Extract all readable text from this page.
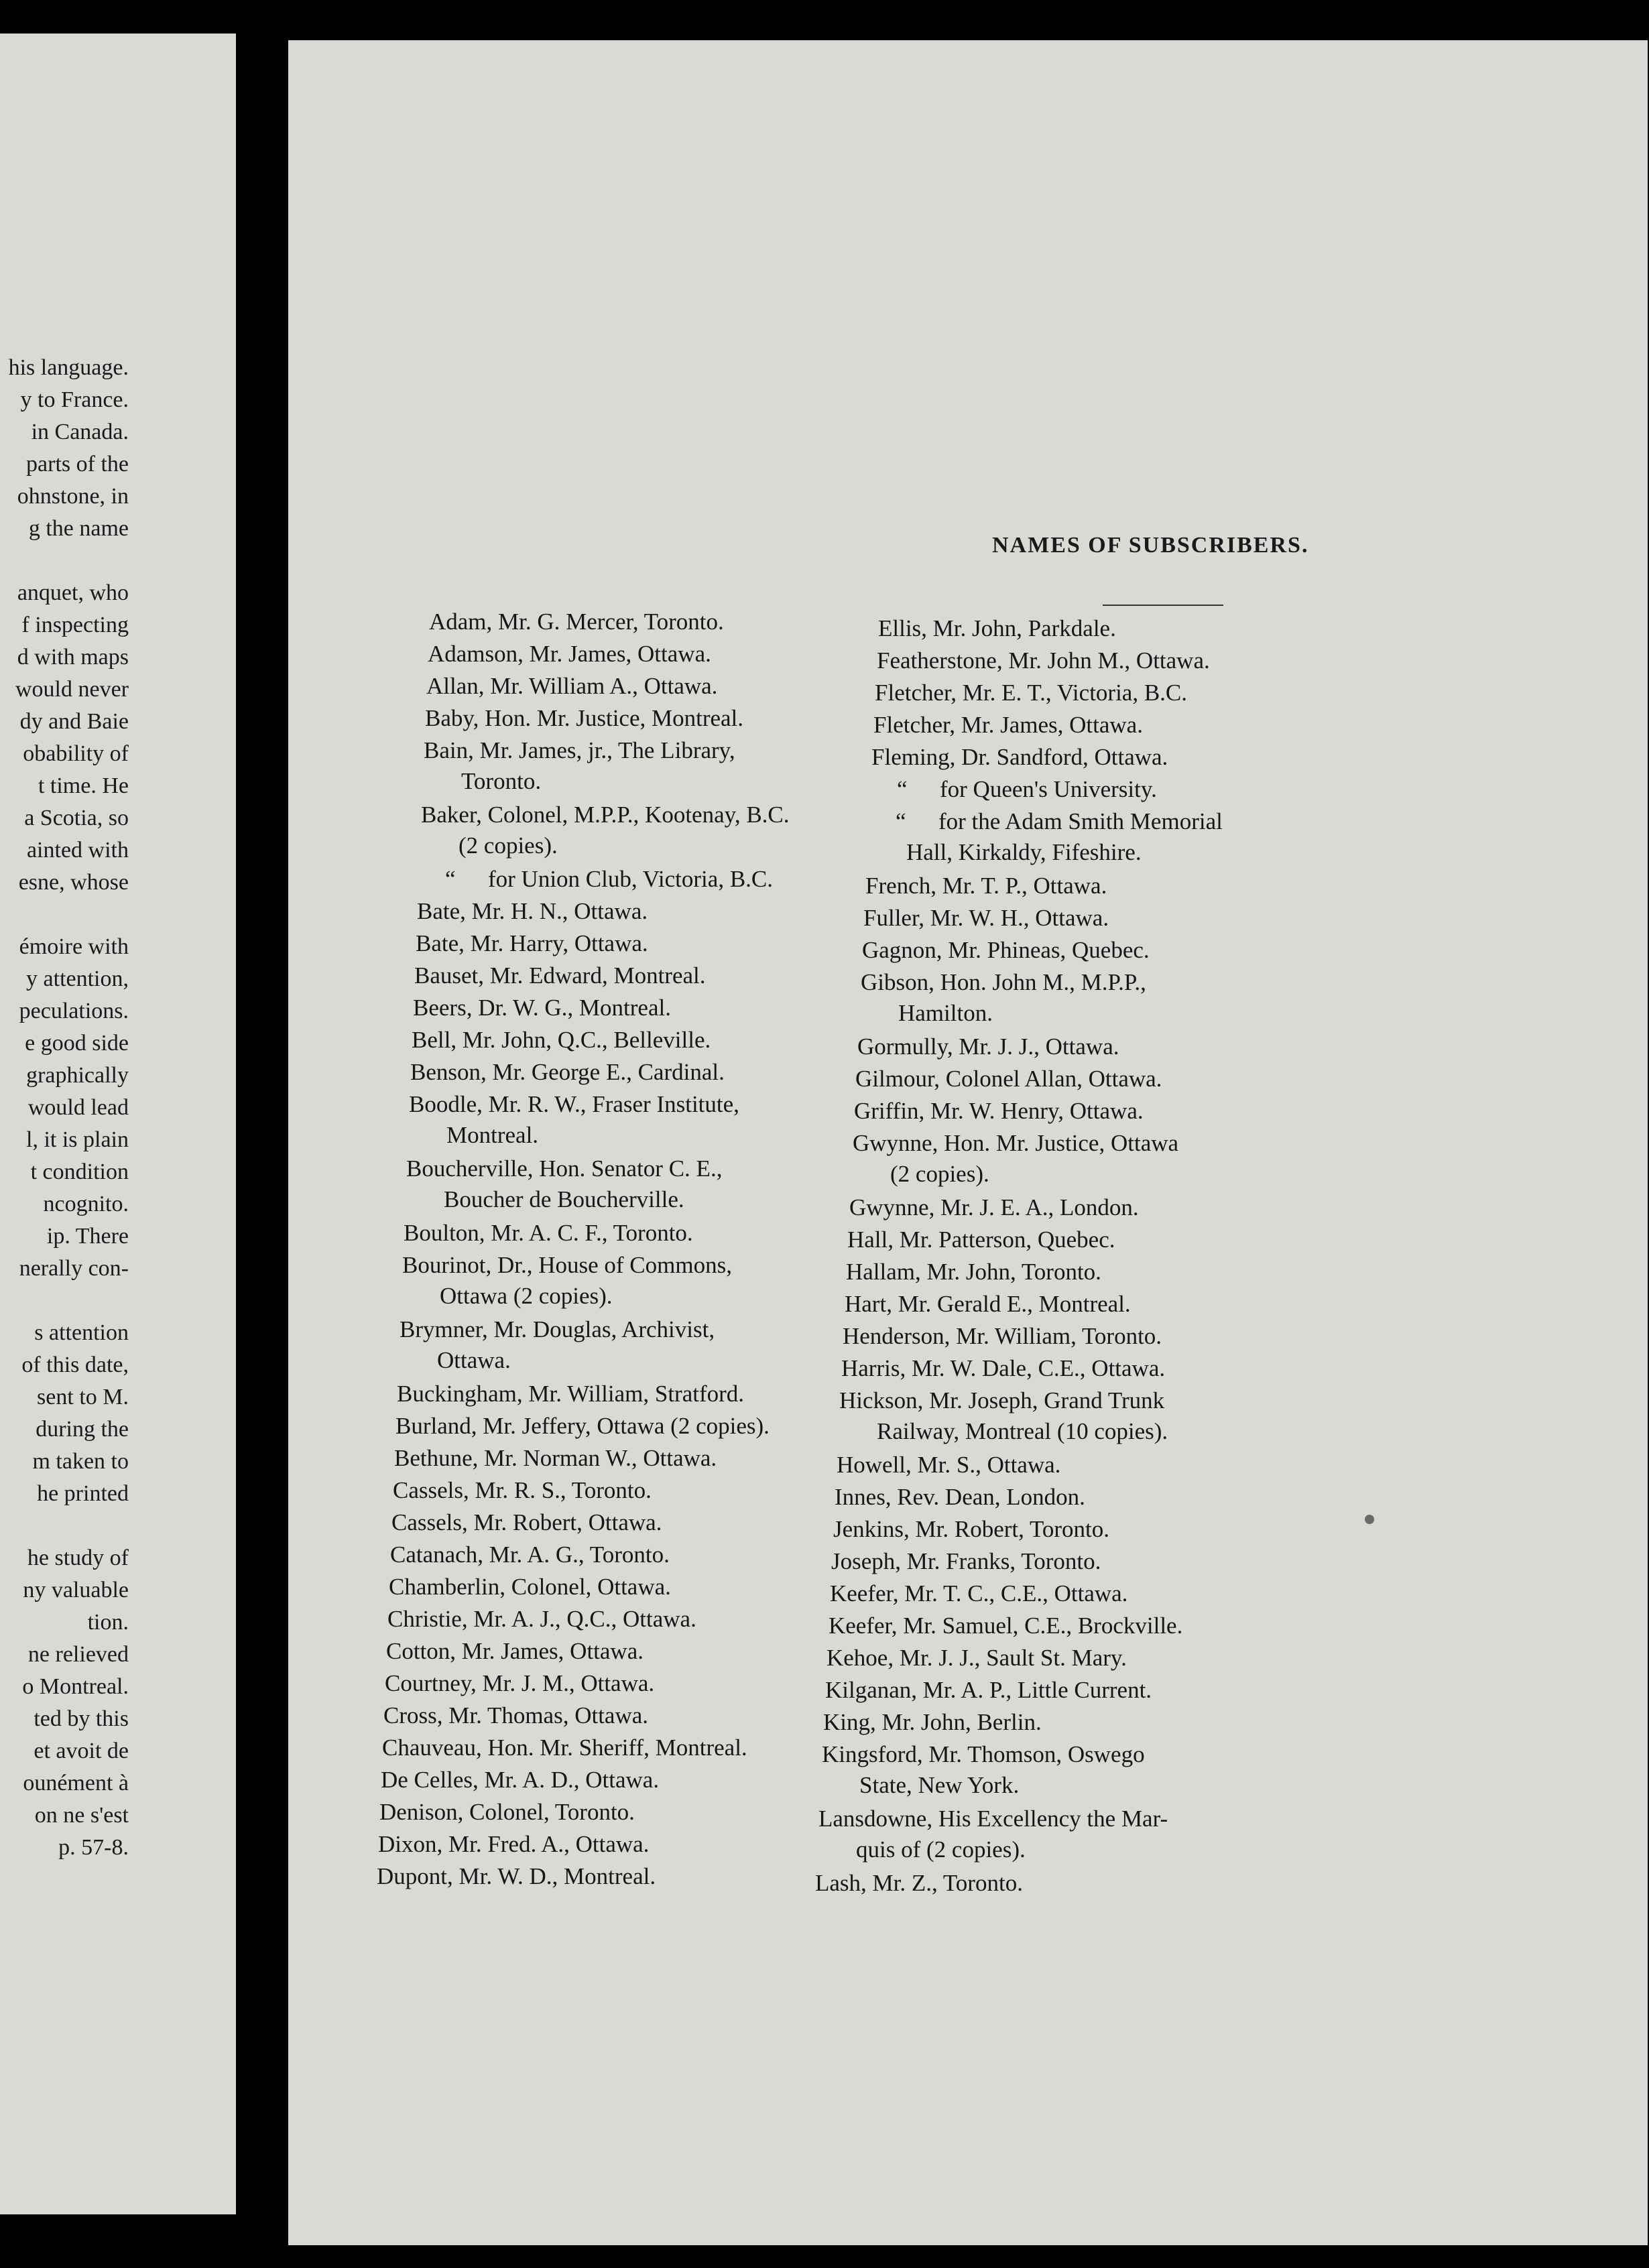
his language.

y to France.

in Canada.

parts of the

ohnstone, in

g the name

anquet, who

f inspecting

d with maps

would never

dy and Baie

obability of

t time. He

a Scotia, so

ainted with

esne, whose

émoire with

y attention,

peculations.

e good side

graphically

would lead

l, it is plain

t condition

ncognito.

ip. There

nerally con-

s attention

of this date,

sent to M.

during the

m taken to

he printed

he study of

ny valuable

tion.

ne relieved

o Montreal.

ted by this

et avoit de

ounément à

on ne s'est

p. 57-8.

NAMES OF SUBSCRIBERS.

Adam, Mr. G. Mercer, Toronto.

Adamson, Mr. James, Ottawa.

Allan, Mr. William A., Ottawa.

Baby, Hon. Mr. Justice, Montreal.

Bain, Mr. James, jr., The Library,
Toronto.

Baker, Colonel, M.P.P., Kootenay, B.C.
(2 copies).

“ for Union Club, Victoria, B.C.

Bate, Mr. H. N., Ottawa.

Bate, Mr. Harry, Ottawa.

Bauset, Mr. Edward, Montreal.

Beers, Dr. W. G., Montreal.

Bell, Mr. John, Q.C., Belleville.

Benson, Mr. George E., Cardinal.

Boodle, Mr. R. W., Fraser Institute,
Montreal.

Boucherville, Hon. Senator C. E.,
Boucher de Boucherville.

Boulton, Mr. A. C. F., Toronto.

Bourinot, Dr., House of Commons,
Ottawa (2 copies).

Brymner, Mr. Douglas, Archivist,
Ottawa.

Buckingham, Mr. William, Stratford.

Burland, Mr. Jeffery, Ottawa (2 copies).

Bethune, Mr. Norman W., Ottawa.

Cassels, Mr. R. S., Toronto.

Cassels, Mr. Robert, Ottawa.

Catanach, Mr. A. G., Toronto.

Chamberlin, Colonel, Ottawa.

Christie, Mr. A. J., Q.C., Ottawa.

Cotton, Mr. James, Ottawa.

Courtney, Mr. J. M., Ottawa.

Cross, Mr. Thomas, Ottawa.

Chauveau, Hon. Mr. Sheriff, Montreal.

De Celles, Mr. A. D., Ottawa.

Denison, Colonel, Toronto.

Dixon, Mr. Fred. A., Ottawa.

Dupont, Mr. W. D., Montreal.

Ellis, Mr. John, Parkdale.

Featherstone, Mr. John M., Ottawa.

Fletcher, Mr. E. T., Victoria, B.C.

Fletcher, Mr. James, Ottawa.

Fleming, Dr. Sandford, Ottawa.

“ for Queen's University.

“ for the Adam Smith Memorial
Hall, Kirkaldy, Fifeshire.

French, Mr. T. P., Ottawa.

Fuller, Mr. W. H., Ottawa.

Gagnon, Mr. Phineas, Quebec.

Gibson, Hon. John M., M.P.P.,
Hamilton.

Gormully, Mr. J. J., Ottawa.

Gilmour, Colonel Allan, Ottawa.

Griffin, Mr. W. Henry, Ottawa.

Gwynne, Hon. Mr. Justice, Ottawa
(2 copies).

Gwynne, Mr. J. E. A., London.

Hall, Mr. Patterson, Quebec.

Hallam, Mr. John, Toronto.

Hart, Mr. Gerald E., Montreal.

Henderson, Mr. William, Toronto.

Harris, Mr. W. Dale, C.E., Ottawa.

Hickson, Mr. Joseph, Grand Trunk
Railway, Montreal (10 copies).

Howell, Mr. S., Ottawa.

Innes, Rev. Dean, London.

Jenkins, Mr. Robert, Toronto.

Joseph, Mr. Franks, Toronto.

Keefer, Mr. T. C., C.E., Ottawa.

Keefer, Mr. Samuel, C.E., Brockville.

Kehoe, Mr. J. J., Sault St. Mary.

Kilganan, Mr. A. P., Little Current.

King, Mr. John, Berlin.

Kingsford, Mr. Thomson, Oswego
State, New York.

Lansdowne, His Excellency the Mar-
quis of (2 copies).

Lash, Mr. Z., Toronto.
